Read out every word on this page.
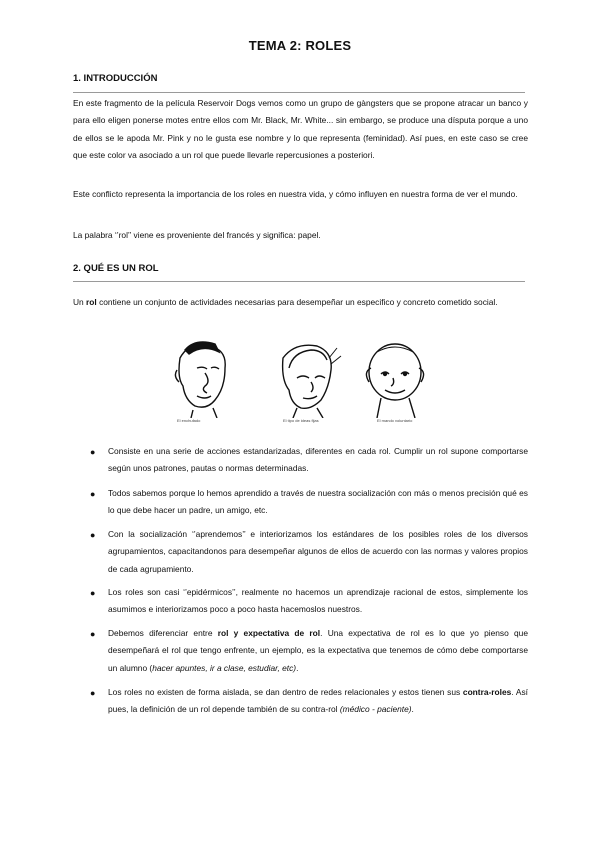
TEMA 2: ROLES
1. INTRODUCCIÓN
En este fragmento de la película Reservoir Dogs vemos como un grupo de gàngsters que se propone atracar un banco y para ello eligen ponerse motes entre ellos com Mr. Black, Mr. White... sin embargo, se produce una dísputa porque a uno de ellos se le apoda Mr. Pink y no le gusta ese nombre y lo que representa (feminidad). Así pues, en este caso se cree que este color va asociado a un rol que puede llevarle repercusiones a posteriori.
Este conflicto representa la importancia de los roles en nuestra vida, y cómo influyen en nuestra forma de ver el mundo.
La palabra ‘’rol’’ viene es proveniente del francés y significa: papel.
2. QUÉ ES UN ROL
Un rol contiene un conjunto de actividades necesarias para desempeñar un especifico y concreto cometido social.
El enchufado	El tipo de ideas fijas	El mando voluntario
● Consiste en una serie de acciones estandarizadas, diferentes en cada rol. Cumplir un rol supone comportarse según unos patrones, pautas o normas determinadas.
● Todos sabemos porque lo hemos aprendido a través de nuestra socialización con más o menos precisión qué es lo que debe hacer un padre, un amigo, etc.
● Con la socialización ‘’aprendemos’’ e interiorizamos los estándares de los posibles roles de los diversos agrupamientos, capacitandonos para desempeñar algunos de ellos de acuerdo con las normas y valores propios de cada agrupamiento.
● Los roles son casi ‘’epidérmicos’’, realmente no hacemos un aprendizaje racional de estos, simplemente los asumimos e interiorizamos poco a poco hasta hacemoslos nuestros.
● Debemos diferenciar entre rol y expectativa de rol. Una expectativa de rol es lo que yo pienso que desempeñará el rol que tengo enfrente, un ejemplo, es la expectativa que tenemos de cómo debe comportarse un alumno (hacer apuntes, ir a clase, estudiar, etc).
● Los roles no existen de forma aislada, se dan dentro de redes relacionales y estos tienen sus contra-roles. Así pues, la definición de un rol depende también de su contra-rol (médico - paciente).
